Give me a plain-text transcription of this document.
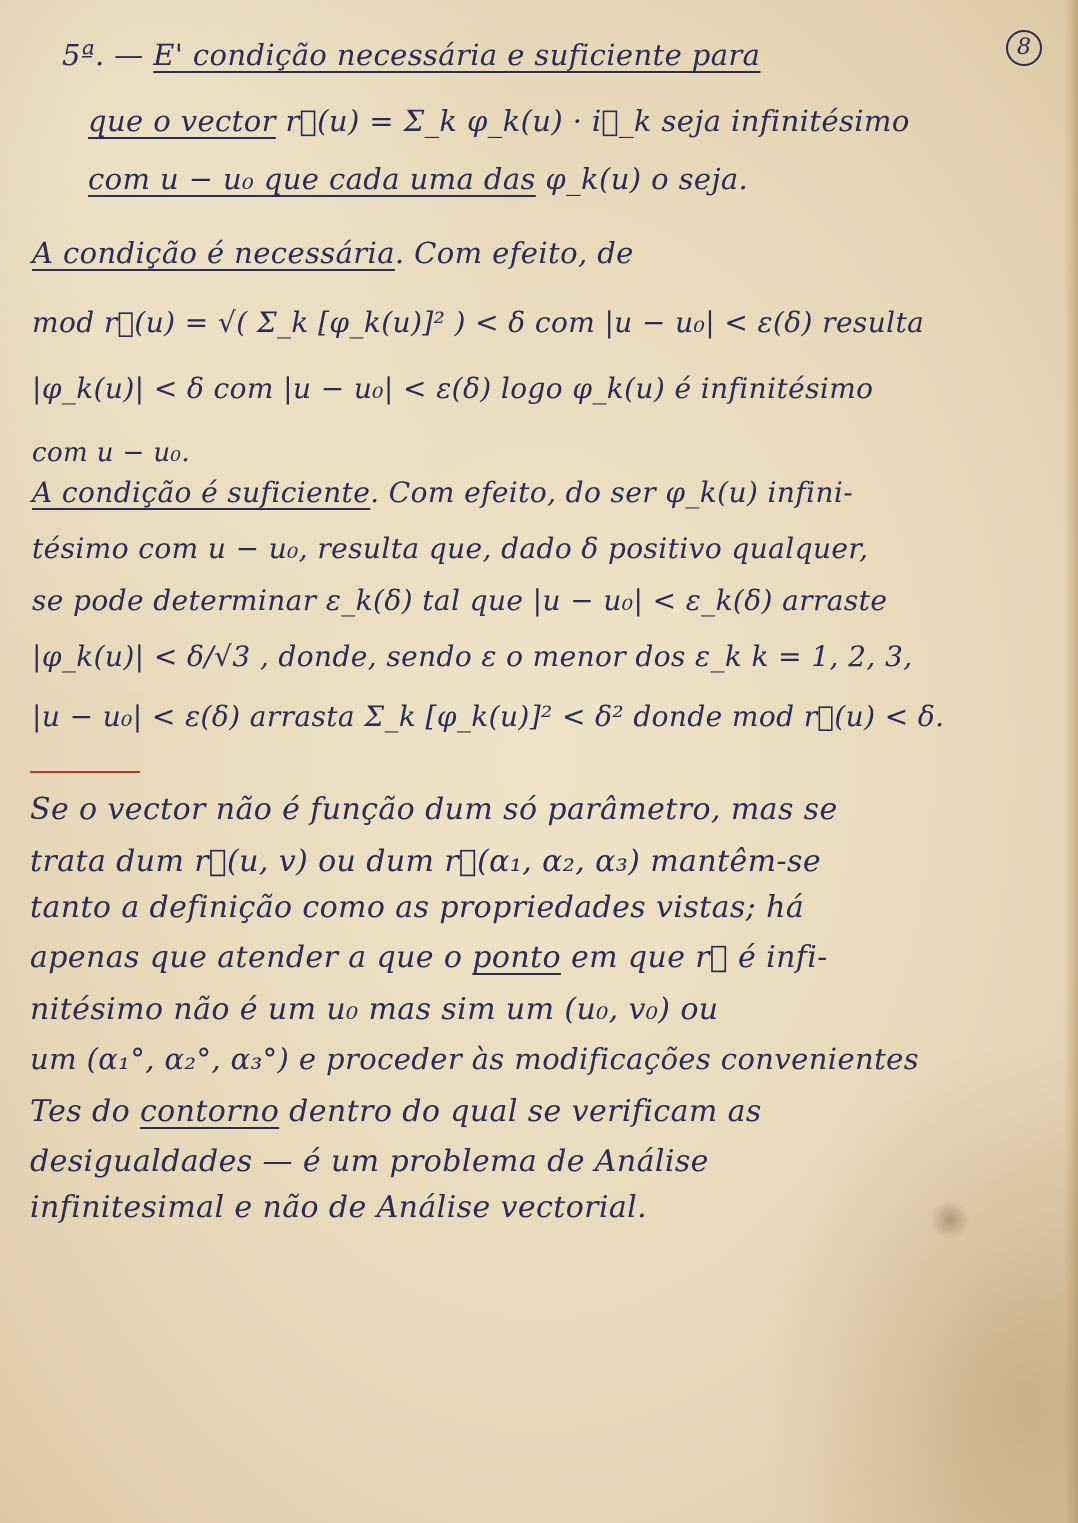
8
5ª. — E' condição necessária e suficiente para
que o vector r⃗(u) = Σ_k φ_k(u) · i⃗_k seja infinitésimo
com u − u₀ que cada uma das φ_k(u) o seja.
A condição é necessária. Com efeito, de
mod r⃗(u) = √( Σ_k [φ_k(u)]² ) < δ com |u − u₀| < ε(δ) resulta
|φ_k(u)| < δ com |u − u₀| < ε(δ) logo φ_k(u) é infinitésimo
com u − u₀.
A condição é suficiente. Com efeito, do ser φ_k(u) infini-
tésimo com u − u₀, resulta que, dado δ positivo qualquer,
se pode determinar ε_k(δ) tal que |u − u₀| < ε_k(δ) arraste
|φ_k(u)| < δ/√3 , donde, sendo ε o menor dos ε_k k = 1, 2, 3,
|u − u₀| < ε(δ) arrasta Σ_k [φ_k(u)]² < δ² donde mod r⃗(u) < δ.
Se o vector não é função dum só parâmetro, mas se
trata dum r⃗(u, v) ou dum r⃗(α₁, α₂, α₃) mantêm-se
tanto a definição como as propriedades vistas; há
apenas que atender a que o ponto em que r⃗ é infi-
nitésimo não é um u₀ mas sim um (u₀, v₀) ou
um (α₁°, α₂°, α₃°) e proceder às modificações convenientes
Tes do contorno dentro do qual se verificam as
desigualdades — é um problema de Análise
infinitesimal e não de Análise vectorial.
